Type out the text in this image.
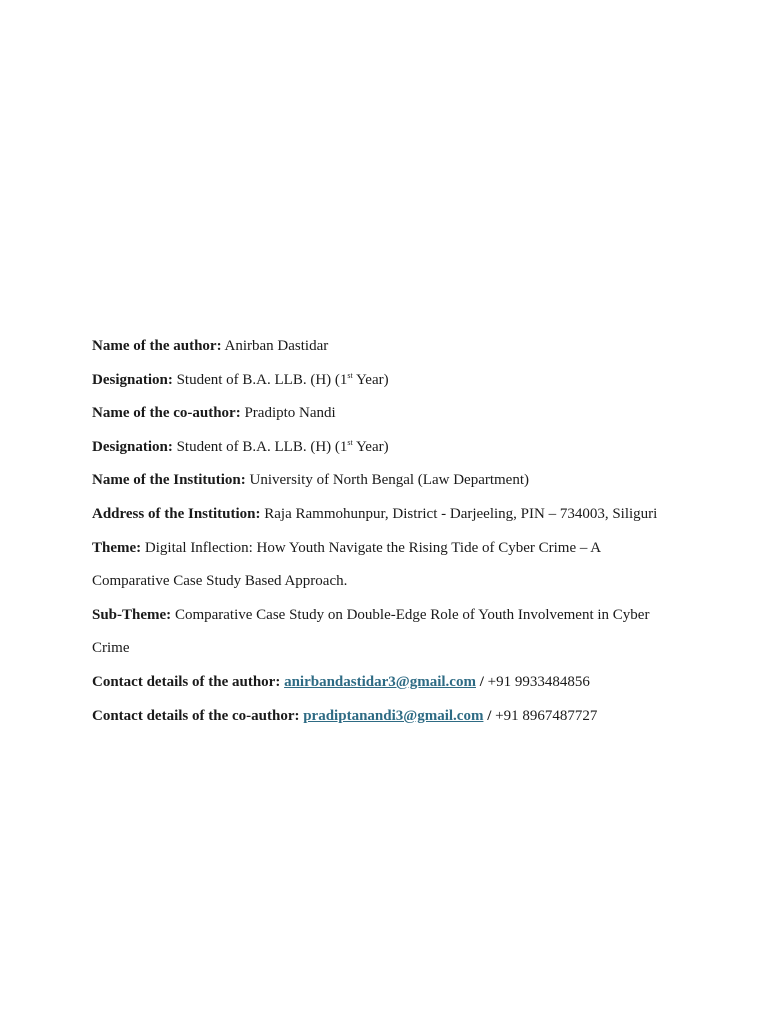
Name of the author: Anirban Dastidar
Designation: Student of B.A. LLB. (H) (1st Year)
Name of the co-author: Pradipto Nandi
Designation: Student of B.A. LLB. (H) (1st Year)
Name of the Institution: University of North Bengal (Law Department)
Address of the Institution: Raja Rammohunpur, District - Darjeeling, PIN – 734003, Siliguri
Theme: Digital Inflection: How Youth Navigate the Rising Tide of Cyber Crime – A Comparative Case Study Based Approach.
Sub-Theme: Comparative Case Study on Double-Edge Role of Youth Involvement in Cyber Crime
Contact details of the author: anirbandastidar3@gmail.com / +91 9933484856
Contact details of the co-author: pradiptanandi3@gmail.com / +91 8967487727
